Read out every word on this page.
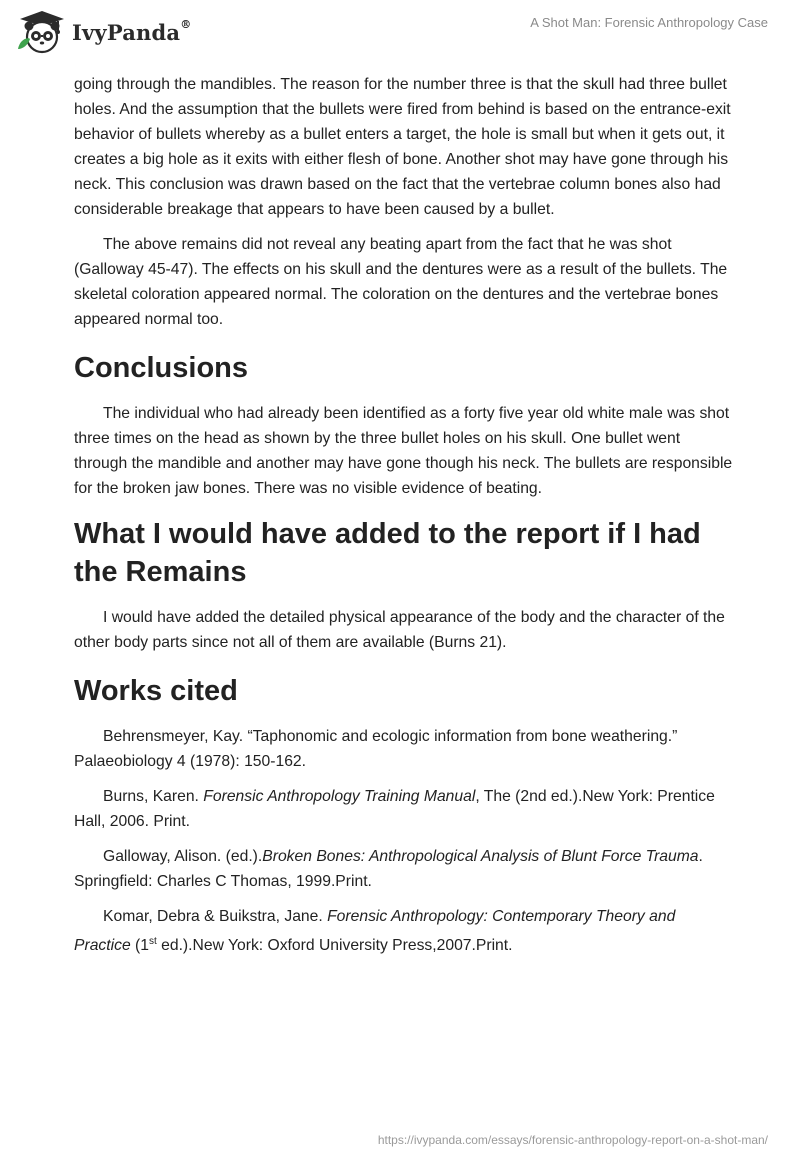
IvyPanda®	A Shot Man: Forensic Anthropology Case

going through the mandibles. The reason for the number three is that the skull had three bullet holes. And the assumption that the bullets were fired from behind is based on the entrance-exit behavior of bullets whereby as a bullet enters a target, the hole is small but when it gets out, it creates a big hole as it exits with either flesh of bone. Another shot may have gone through his neck. This conclusion was drawn based on the fact that the vertebrae column bones also had considerable breakage that appears to have been caused by a bullet.

The above remains did not reveal any beating apart from the fact that he was shot (Galloway 45-47). The effects on his skull and the dentures were as a result of the bullets. The skeletal coloration appeared normal. The coloration on the dentures and the vertebrae bones appeared normal too.

Conclusions

The individual who had already been identified as a forty five year old white male was shot three times on the head as shown by the three bullet holes on his skull. One bullet went through the mandible and another may have gone though his neck. The bullets are responsible for the broken jaw bones. There was no visible evidence of beating.

What I would have added to the report if I had the Remains

I would have added the detailed physical appearance of the body and the character of the other body parts since not all of them are available (Burns 21).

Works cited

Behrensmeyer, Kay. “Taphonomic and ecologic information from bone weathering.” Palaeobiology 4 (1978): 150-162.

Burns, Karen. Forensic Anthropology Training Manual, The (2nd ed.).New York: Prentice Hall, 2006. Print.

Galloway, Alison. (ed.).Broken Bones: Anthropological Analysis of Blunt Force Trauma. Springfield: Charles C Thomas, 1999.Print.

Komar, Debra & Buikstra, Jane. Forensic Anthropology: Contemporary Theory and Practice (1st ed.).New York: Oxford University Press,2007.Print.

https://ivypanda.com/essays/forensic-anthropology-report-on-a-shot-man/
